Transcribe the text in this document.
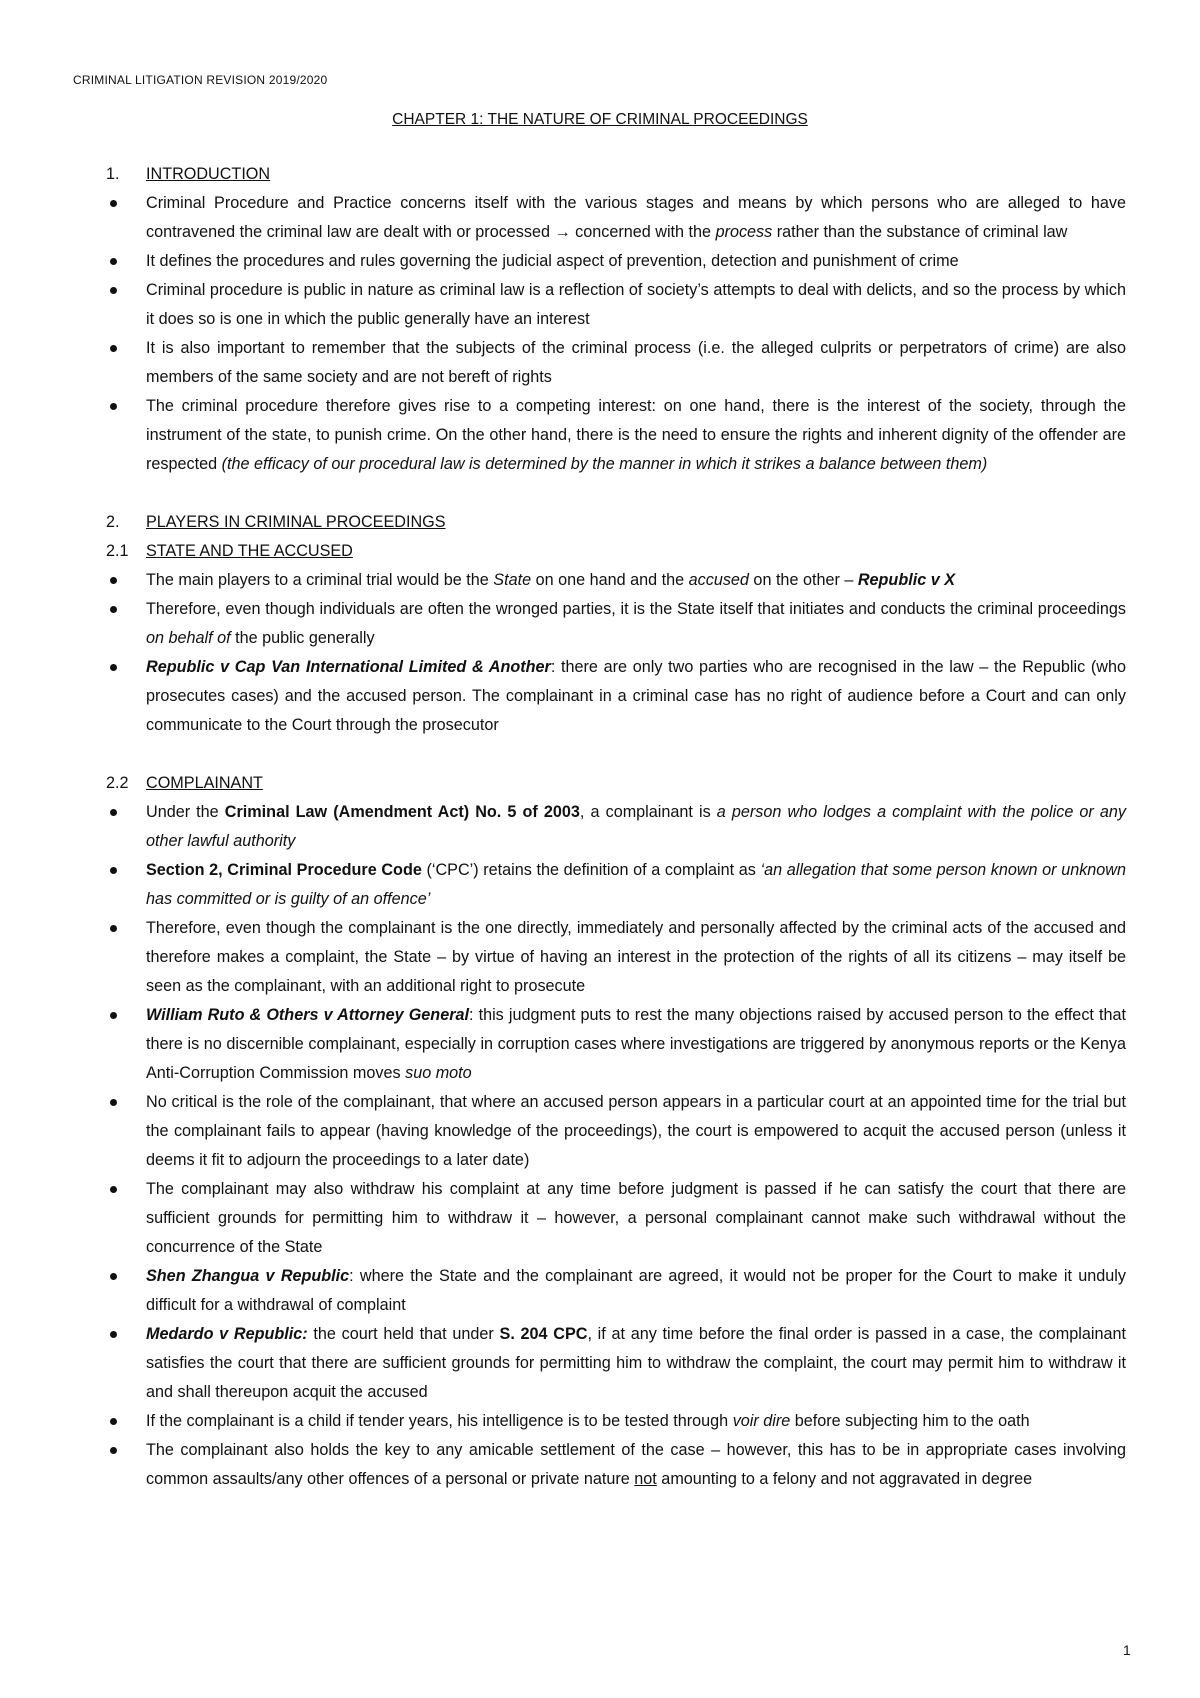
CRIMINAL LITIGATION REVISION 2019/2020
CHAPTER 1: THE NATURE OF CRIMINAL PROCEEDINGS
1. INTRODUCTION
Criminal Procedure and Practice concerns itself with the various stages and means by which persons who are alleged to have contravened the criminal law are dealt with or processed → concerned with the process rather than the substance of criminal law
It defines the procedures and rules governing the judicial aspect of prevention, detection and punishment of crime
Criminal procedure is public in nature as criminal law is a reflection of society’s attempts to deal with delicts, and so the process by which it does so is one in which the public generally have an interest
It is also important to remember that the subjects of the criminal process (i.e. the alleged culprits or perpetrators of crime) are also members of the same society and are not bereft of rights
The criminal procedure therefore gives rise to a competing interest: on one hand, there is the interest of the society, through the instrument of the state, to punish crime. On the other hand, there is the need to ensure the rights and inherent dignity of the offender are respected (the efficacy of our procedural law is determined by the manner in which it strikes a balance between them)
2. PLAYERS IN CRIMINAL PROCEEDINGS
2.1 STATE AND THE ACCUSED
The main players to a criminal trial would be the State on one hand and the accused on the other – Republic v X
Therefore, even though individuals are often the wronged parties, it is the State itself that initiates and conducts the criminal proceedings on behalf of the public generally
Republic v Cap Van International Limited & Another: there are only two parties who are recognised in the law – the Republic (who prosecutes cases) and the accused person. The complainant in a criminal case has no right of audience before a Court and can only communicate to the Court through the prosecutor
2.2 COMPLAINANT
Under the Criminal Law (Amendment Act) No. 5 of 2003, a complainant is a person who lodges a complaint with the police or any other lawful authority
Section 2, Criminal Procedure Code (‘CPC’) retains the definition of a complaint as ‘an allegation that some person known or unknown has committed or is guilty of an offence’
Therefore, even though the complainant is the one directly, immediately and personally affected by the criminal acts of the accused and therefore makes a complaint, the State – by virtue of having an interest in the protection of the rights of all its citizens – may itself be seen as the complainant, with an additional right to prosecute
William Ruto & Others v Attorney General: this judgment puts to rest the many objections raised by accused person to the effect that there is no discernible complainant, especially in corruption cases where investigations are triggered by anonymous reports or the Kenya Anti-Corruption Commission moves suo moto
No critical is the role of the complainant, that where an accused person appears in a particular court at an appointed time for the trial but the complainant fails to appear (having knowledge of the proceedings), the court is empowered to acquit the accused person (unless it deems it fit to adjourn the proceedings to a later date)
The complainant may also withdraw his complaint at any time before judgment is passed if he can satisfy the court that there are sufficient grounds for permitting him to withdraw it – however, a personal complainant cannot make such withdrawal without the concurrence of the State
Shen Zhangua v Republic: where the State and the complainant are agreed, it would not be proper for the Court to make it unduly difficult for a withdrawal of complaint
Medardo v Republic: the court held that under S. 204 CPC, if at any time before the final order is passed in a case, the complainant satisfies the court that there are sufficient grounds for permitting him to withdraw the complaint, the court may permit him to withdraw it and shall thereupon acquit the accused
If the complainant is a child if tender years, his intelligence is to be tested through voir dire before subjecting him to the oath
The complainant also holds the key to any amicable settlement of the case – however, this has to be in appropriate cases involving common assaults/any other offences of a personal or private nature not amounting to a felony and not aggravated in degree
1
